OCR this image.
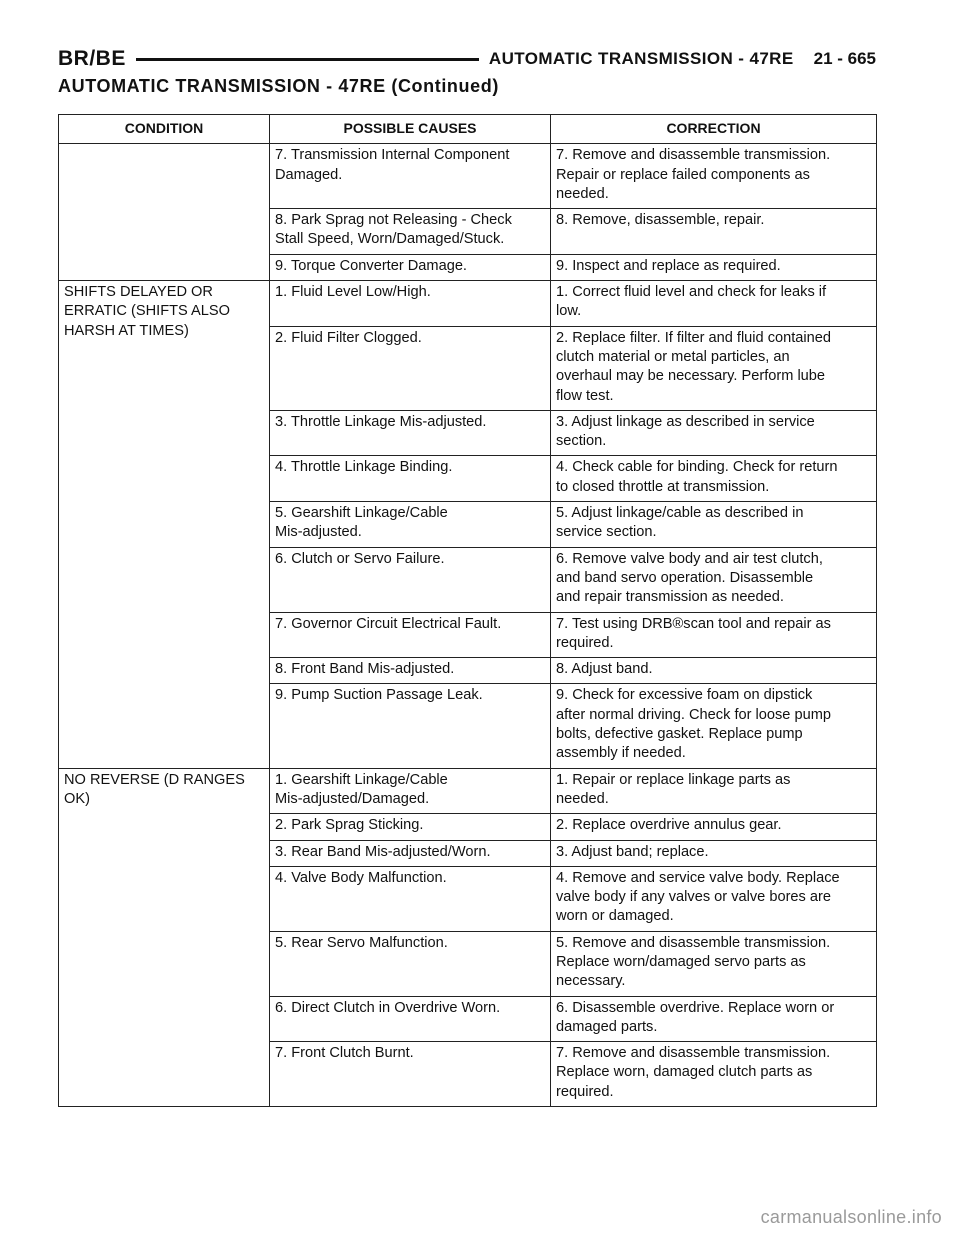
BR/BE	AUTOMATIC TRANSMISSION - 47RE 21 - 665
AUTOMATIC TRANSMISSION - 47RE (Continued)
CONDITION	POSSIBLE CAUSES	CORRECTION
	7. Transmission Internal Component
Damaged.	7. Remove and disassemble transmission.
Repair or replace failed components as
needed.
	8. Park Sprag not Releasing - Check
Stall Speed, Worn/Damaged/Stuck.	8. Remove, disassemble, repair.
	9. Torque Converter Damage.	9. Inspect and replace as required.
SHIFTS DELAYED OR
ERRATIC (SHIFTS ALSO
HARSH AT TIMES)	1. Fluid Level Low/High.	1. Correct fluid level and check for leaks if
low.
	2. Fluid Filter Clogged.	2. Replace filter. If filter and fluid contained
clutch material or metal particles, an
overhaul may be necessary. Perform lube
flow test.
	3. Throttle Linkage Mis-adjusted.	3. Adjust linkage as described in service
section.
	4. Throttle Linkage Binding.	4. Check cable for binding. Check for return
to closed throttle at transmission.
	5. Gearshift Linkage/Cable
Mis-adjusted.	5. Adjust linkage/cable as described in
service section.
	6. Clutch or Servo Failure.	6. Remove valve body and air test clutch,
and band servo operation. Disassemble
and repair transmission as needed.
	7. Governor Circuit Electrical Fault.	7. Test using DRB®scan tool and repair as
required.
	8. Front Band Mis-adjusted.	8. Adjust band.
	9. Pump Suction Passage Leak.	9. Check for excessive foam on dipstick
after normal driving. Check for loose pump
bolts, defective gasket. Replace pump
assembly if needed.
NO REVERSE (D RANGES
OK)	1. Gearshift Linkage/Cable
Mis-adjusted/Damaged.	1. Repair or replace linkage parts as
needed.
	2. Park Sprag Sticking.	2. Replace overdrive annulus gear.
	3. Rear Band Mis-adjusted/Worn.	3. Adjust band; replace.
	4. Valve Body Malfunction.	4. Remove and service valve body. Replace
valve body if any valves or valve bores are
worn or damaged.
	5. Rear Servo Malfunction.	5. Remove and disassemble transmission.
Replace worn/damaged servo parts as
necessary.
	6. Direct Clutch in Overdrive Worn.	6. Disassemble overdrive. Replace worn or
damaged parts.
	7. Front Clutch Burnt.	7. Remove and disassemble transmission.
Replace worn, damaged clutch parts as
required.
carmanualsonline.info
